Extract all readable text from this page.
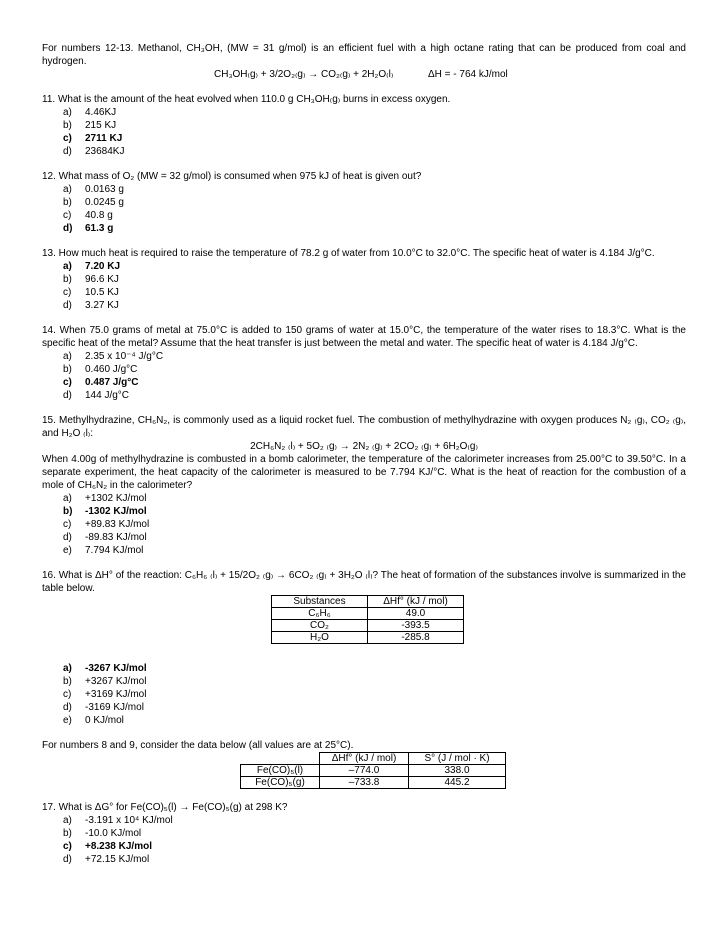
For numbers 12-13. Methanol, CH₃OH, (MW = 31 g/mol) is an efficient fuel with a high octane rating that can be produced from coal and hydrogen.

CH₃OH₍g₎ + 3/2O₂₍g₎ → CO₂₍g₎ + 2H₂O₍l₎	ΔH = - 764 kJ/mol

11. What is the amount of the heat evolved when 110.0 g CH₃OH₍g₎ burns in excess oxygen.

a) 4.46KJ
b) 215 KJ
c) 2711 KJ
d) 23684KJ

12. What mass of O₂ (MW = 32 g/mol) is consumed when 975 kJ of heat is given out?

a) 0.0163 g
b) 0.0245 g
c) 40.8 g
d) 61.3 g

13. How much heat is required to raise the temperature of 78.2 g of water from 10.0°C to 32.0°C. The specific heat of water is 4.184 J/g°C.

a) 7.20 KJ
b) 96.6 KJ
c) 10.5 KJ
d) 3.27 KJ

14. When 75.0 grams of metal at 75.0°C is added to 150 grams of water at 15.0°C, the temperature of the water rises to 18.3°C. What is the specific heat of the metal? Assume that the heat transfer is just between the metal and water. The specific heat of water is 4.184 J/g°C.

a) 2.35 x 10⁻⁴ J/g°C
b) 0.460 J/g°C
c) 0.487 J/g°C
d) 144 J/g°C

15. Methylhydrazine, CH₆N₂, is commonly used as a liquid rocket fuel. The combustion of methylhydrazine with oxygen produces N₂ ₍g₎, CO₂ ₍g₎, and H₂O ₍l₎:

2CH₆N₂ ₍l₎ + 5O₂ ₍g₎ → 2N₂ ₍g₎ + 2CO₂ ₍g₎ + 6H₂O₍g₎

When 4.00g of methylhydrazine is combusted in a bomb calorimeter, the temperature of the calorimeter increases from 25.00°C to 39.50°C. In a separate experiment, the heat capacity of the calorimeter is measured to be 7.794 KJ/°C. What is the heat of reaction for the combustion of a mole of CH₆N₂ in the calorimeter?

a) +1302 KJ/mol
b) -1302 KJ/mol
c) +89.83 KJ/mol
d) -89.83 KJ/mol
e) 7.794 KJ/mol

16. What is ΔH° of the reaction: C₆H₆ ₍l₎ + 15/2O₂ ₍g₎ → 6CO₂ ₍g₎ + 3H₂O ₍l₎? The heat of formation of the substances involve is summarized in the table below.

Substances	ΔHf° (kJ / mol)
C₆H₆	49.0
CO₂	-393.5
H₂O	-285.8
a) -3267 KJ/mol
b) +3267 KJ/mol
c) +3169 KJ/mol
d) -3169 KJ/mol
e) 0 KJ/mol

For numbers 8 and 9, consider the data below (all values are at 25°C).

	ΔHf° (kJ / mol)	S° (J / mol · K)
Fe(CO)₅(l)	–774.0	338.0
Fe(CO)₅(g)	–733.8	445.2

17. What is ΔG° for Fe(CO)₅(l) → Fe(CO)₅(g) at 298 K?

a) -3.191 x 10⁴ KJ/mol
b) -10.0 KJ/mol
c) +8.238 KJ/mol
d) +72.15 KJ/mol
